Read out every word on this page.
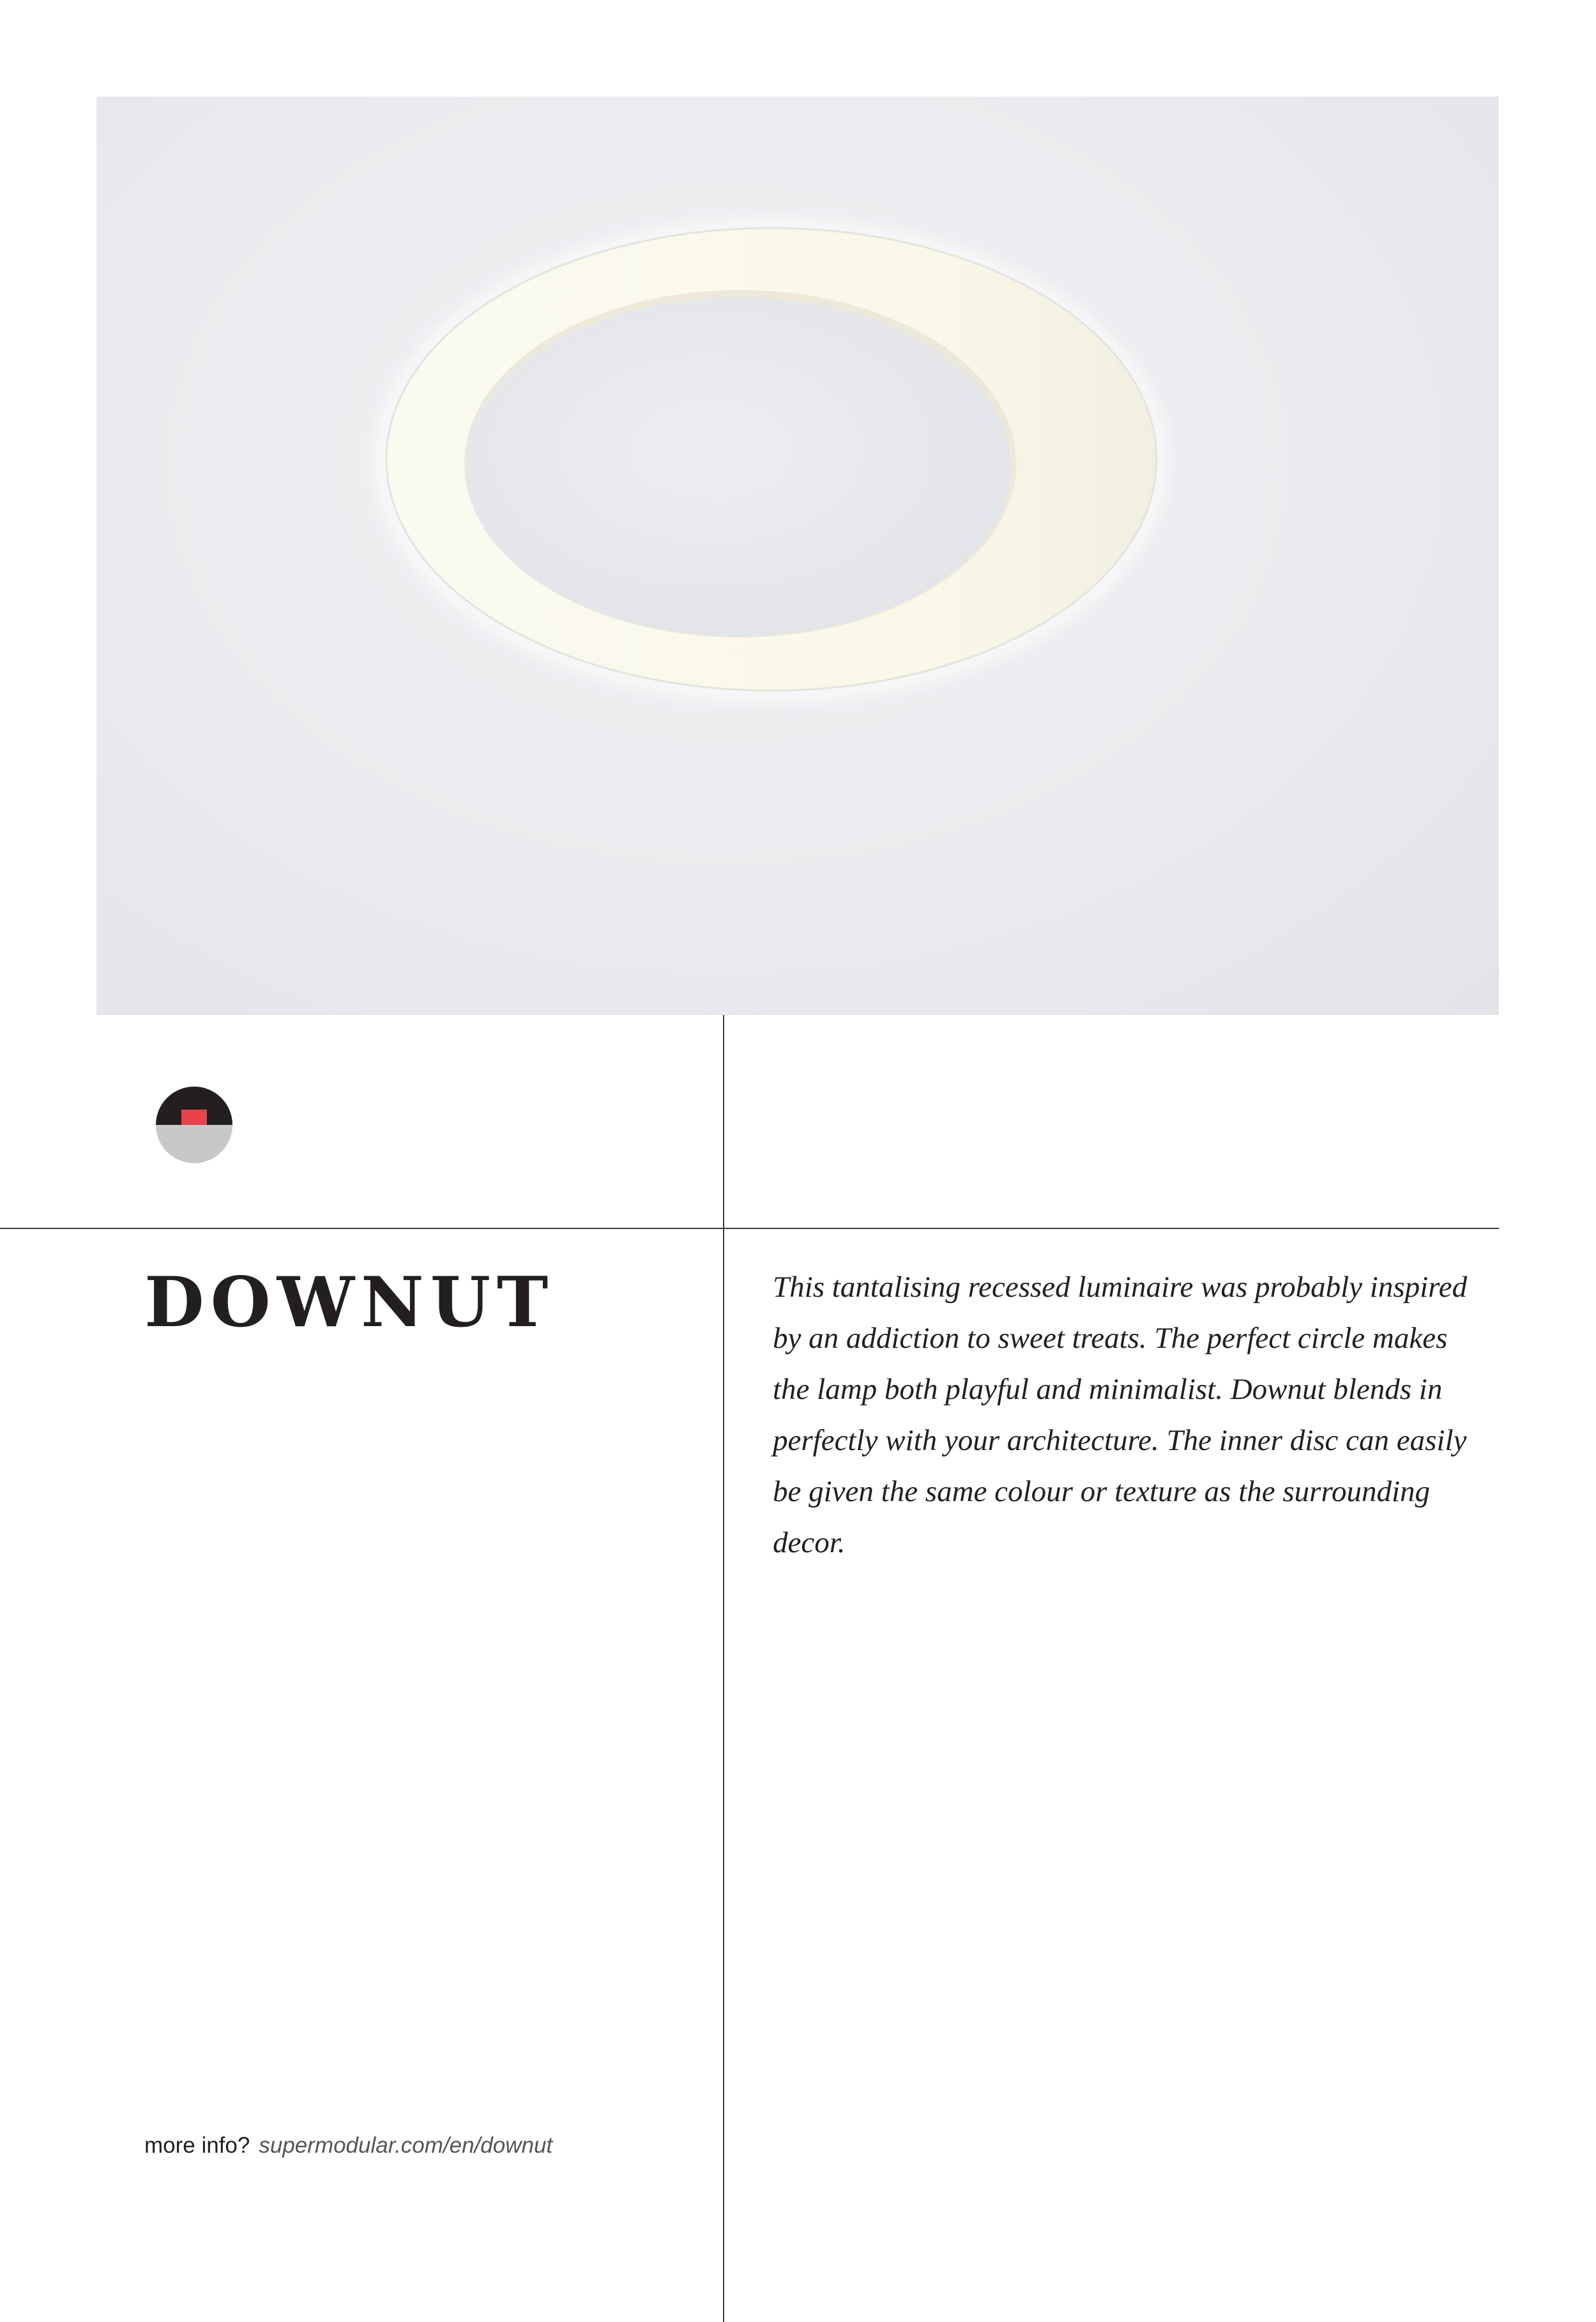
DOWNUT	This tantalising recessed luminaire was probably inspired by an addiction to sweet treats. The perfect circle makes the lamp both playful and minimalist. Downut blends in perfectly with your architecture. The inner disc can easily be given the same colour or texture as the surrounding decor.

more info? supermodular.com/en/downut
